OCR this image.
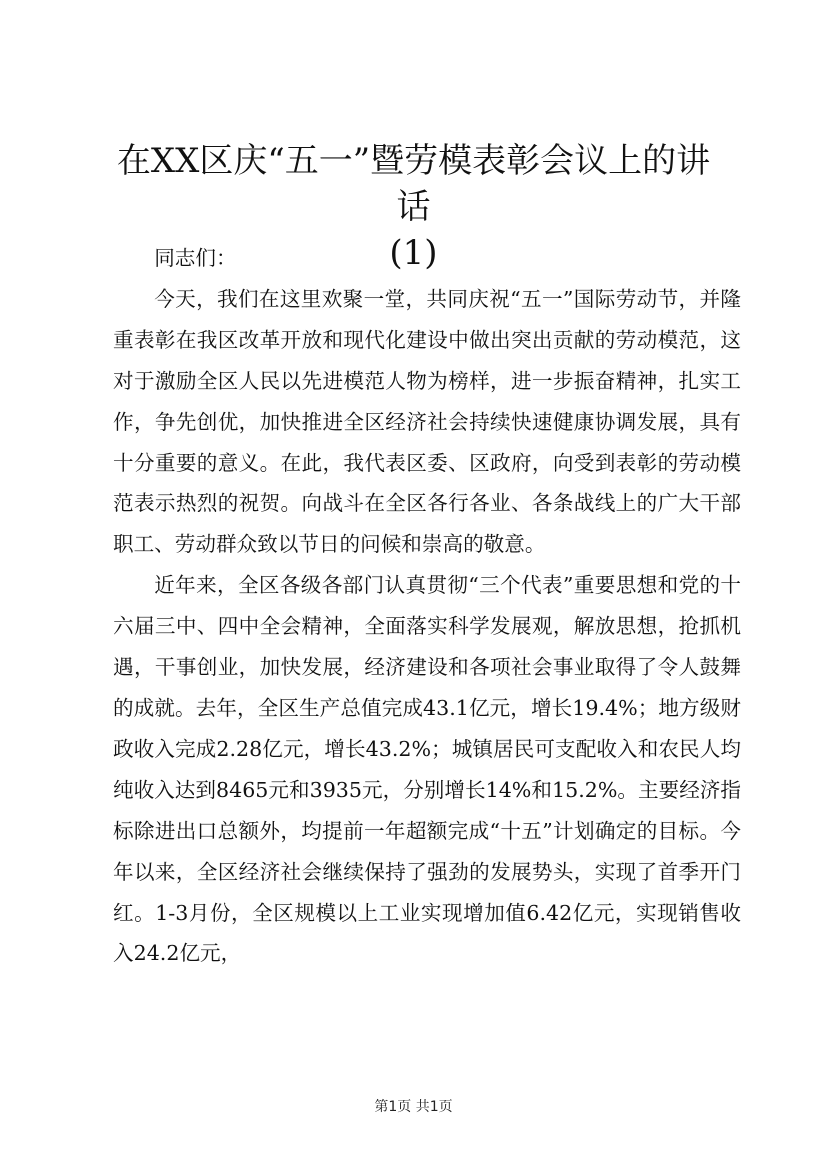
在XX区庆“五一”暨劳模表彰会议上的讲话
(1)

同志们：

今天，我们在这里欢聚一堂，共同庆祝“五一”国际劳动节，并隆重表彰在我区改革开放和现代化建设中做出突出贡献的劳动模范，这对于激励全区人民以先进模范人物为榜样，进一步振奋精神，扎实工作，争先创优，加快推进全区经济社会持续快速健康协调发展，具有十分重要的意义。在此，我代表区委、区政府，向受到表彰的劳动模范表示热烈的祝贺。向战斗在全区各行各业、各条战线上的广大干部职工、劳动群众致以节日的问候和崇高的敬意。

近年来，全区各级各部门认真贯彻“三个代表”重要思想和党的十六届三中、四中全会精神，全面落实科学发展观，解放思想，抢抓机遇，干事创业，加快发展，经济建设和各项社会事业取得了令人鼓舞的成就。去年，全区生产总值完成43.1亿元，增长19.4%；地方级财政收入完成2.28亿元，增长43.2%；城镇居民可支配收入和农民人均纯收入达到8465元和3935元，分别增长14%和15.2%。主要经济指标除进出口总额外，均提前一年超额完成“十五”计划确定的目标。今年以来，全区经济社会继续保持了强劲的发展势头，实现了首季开门红。1-3月份，全区规模以上工业实现增加值6.42亿元，实现销售收入24.2亿元，

第1页 共1页
